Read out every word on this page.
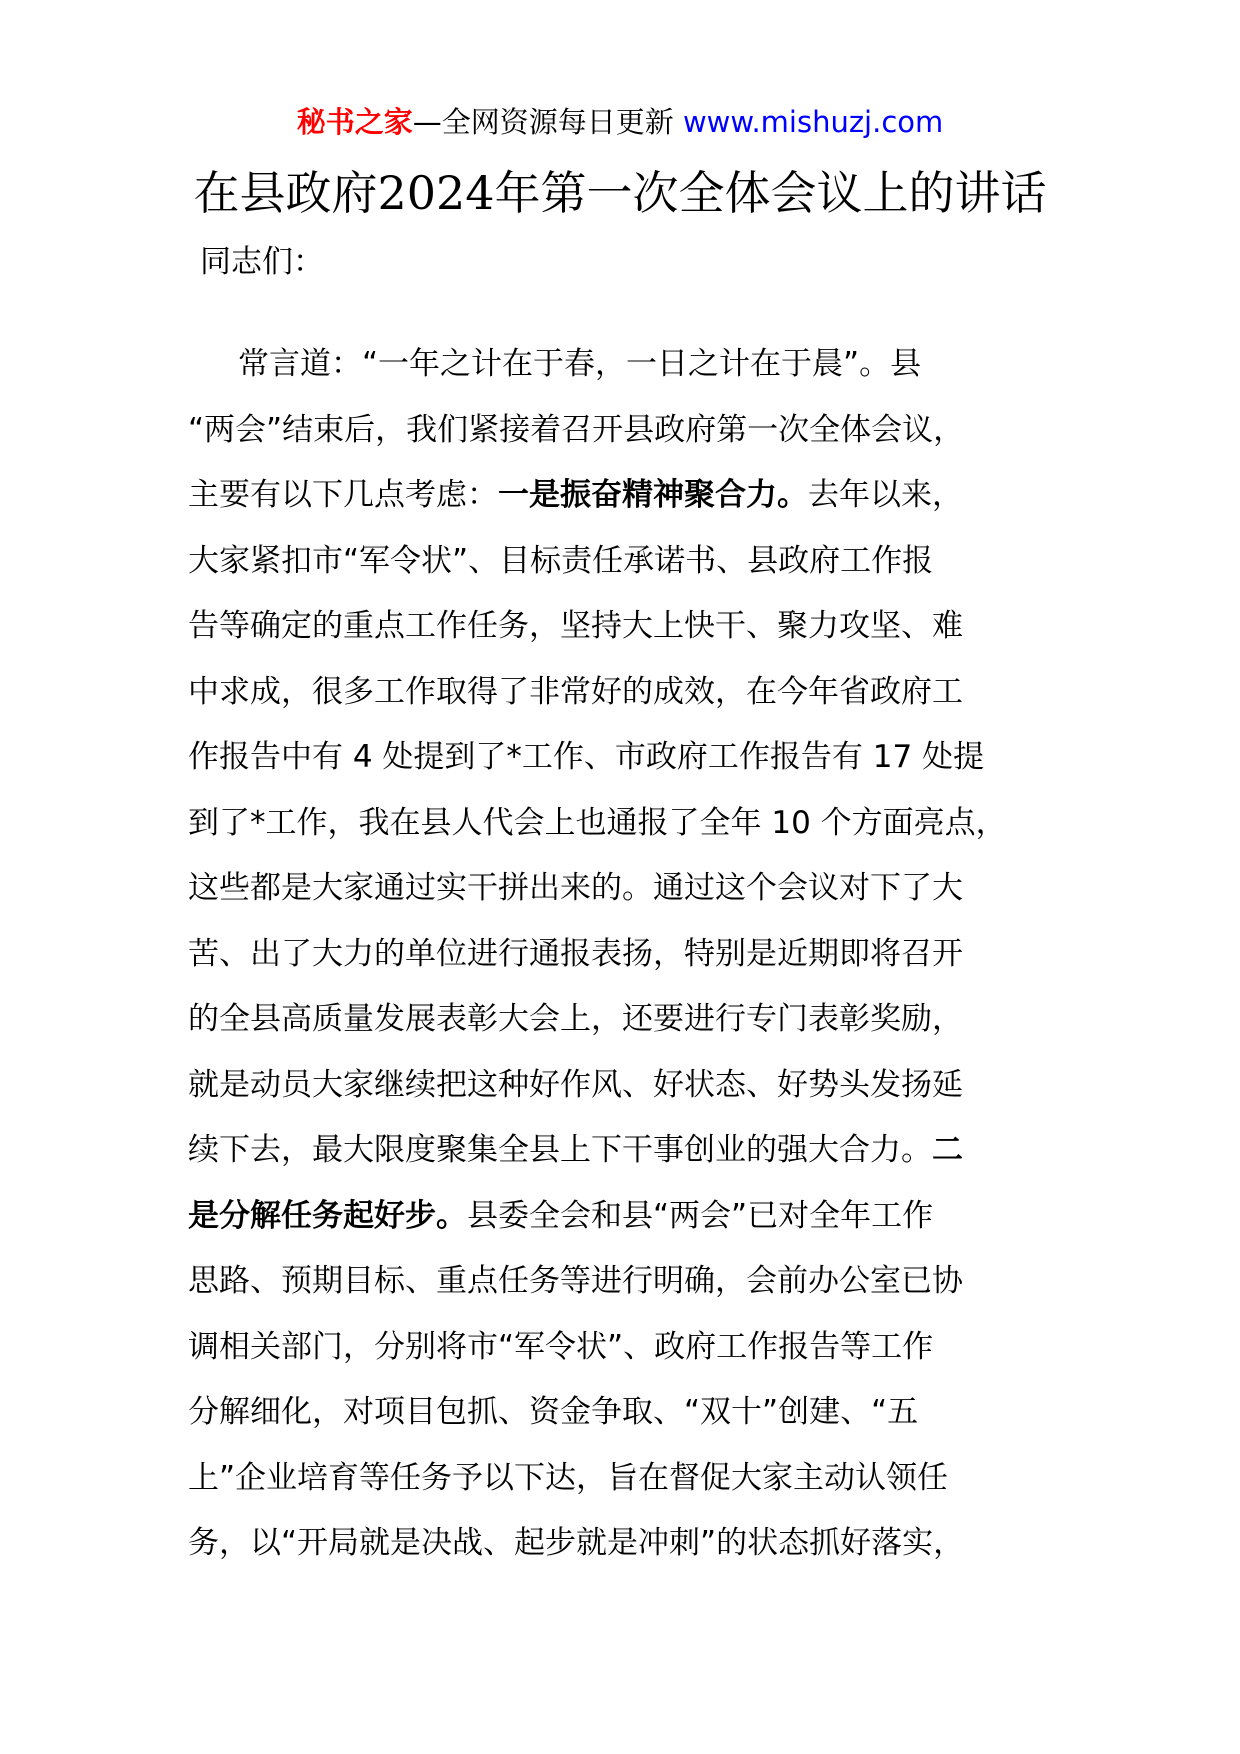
秘书之家—全网资源每日更新 www.mishuzj.com
在县政府2024年第一次全体会议上的讲话
同志们：
常言道：“一年之计在于春，一日之计在于晨”。县
“两会”结束后，我们紧接着召开县政府第一次全体会议，
主要有以下几点考虑：一是振奋精神聚合力。去年以来，
大家紧扣市“军令状”、目标责任承诺书、县政府工作报
告等确定的重点工作任务，坚持大上快干、聚力攻坚、难
中求成，很多工作取得了非常好的成效，在今年省政府工
作报告中有 4 处提到了*工作、市政府工作报告有 17 处提
到了*工作，我在县人代会上也通报了全年 10 个方面亮点，
这些都是大家通过实干拼出来的。通过这个会议对下了大
苦、出了大力的单位进行通报表扬，特别是近期即将召开
的全县高质量发展表彰大会上，还要进行专门表彰奖励，
就是动员大家继续把这种好作风、好状态、好势头发扬延
续下去，最大限度聚集全县上下干事创业的强大合力。二
是分解任务起好步。县委全会和县“两会”已对全年工作
思路、预期目标、重点任务等进行明确，会前办公室已协
调相关部门，分别将市“军令状”、政府工作报告等工作
分解细化，对项目包抓、资金争取、“双十”创建、“五
上”企业培育等任务予以下达，旨在督促大家主动认领任
务，以“开局就是决战、起步就是冲刺”的状态抓好落实，
